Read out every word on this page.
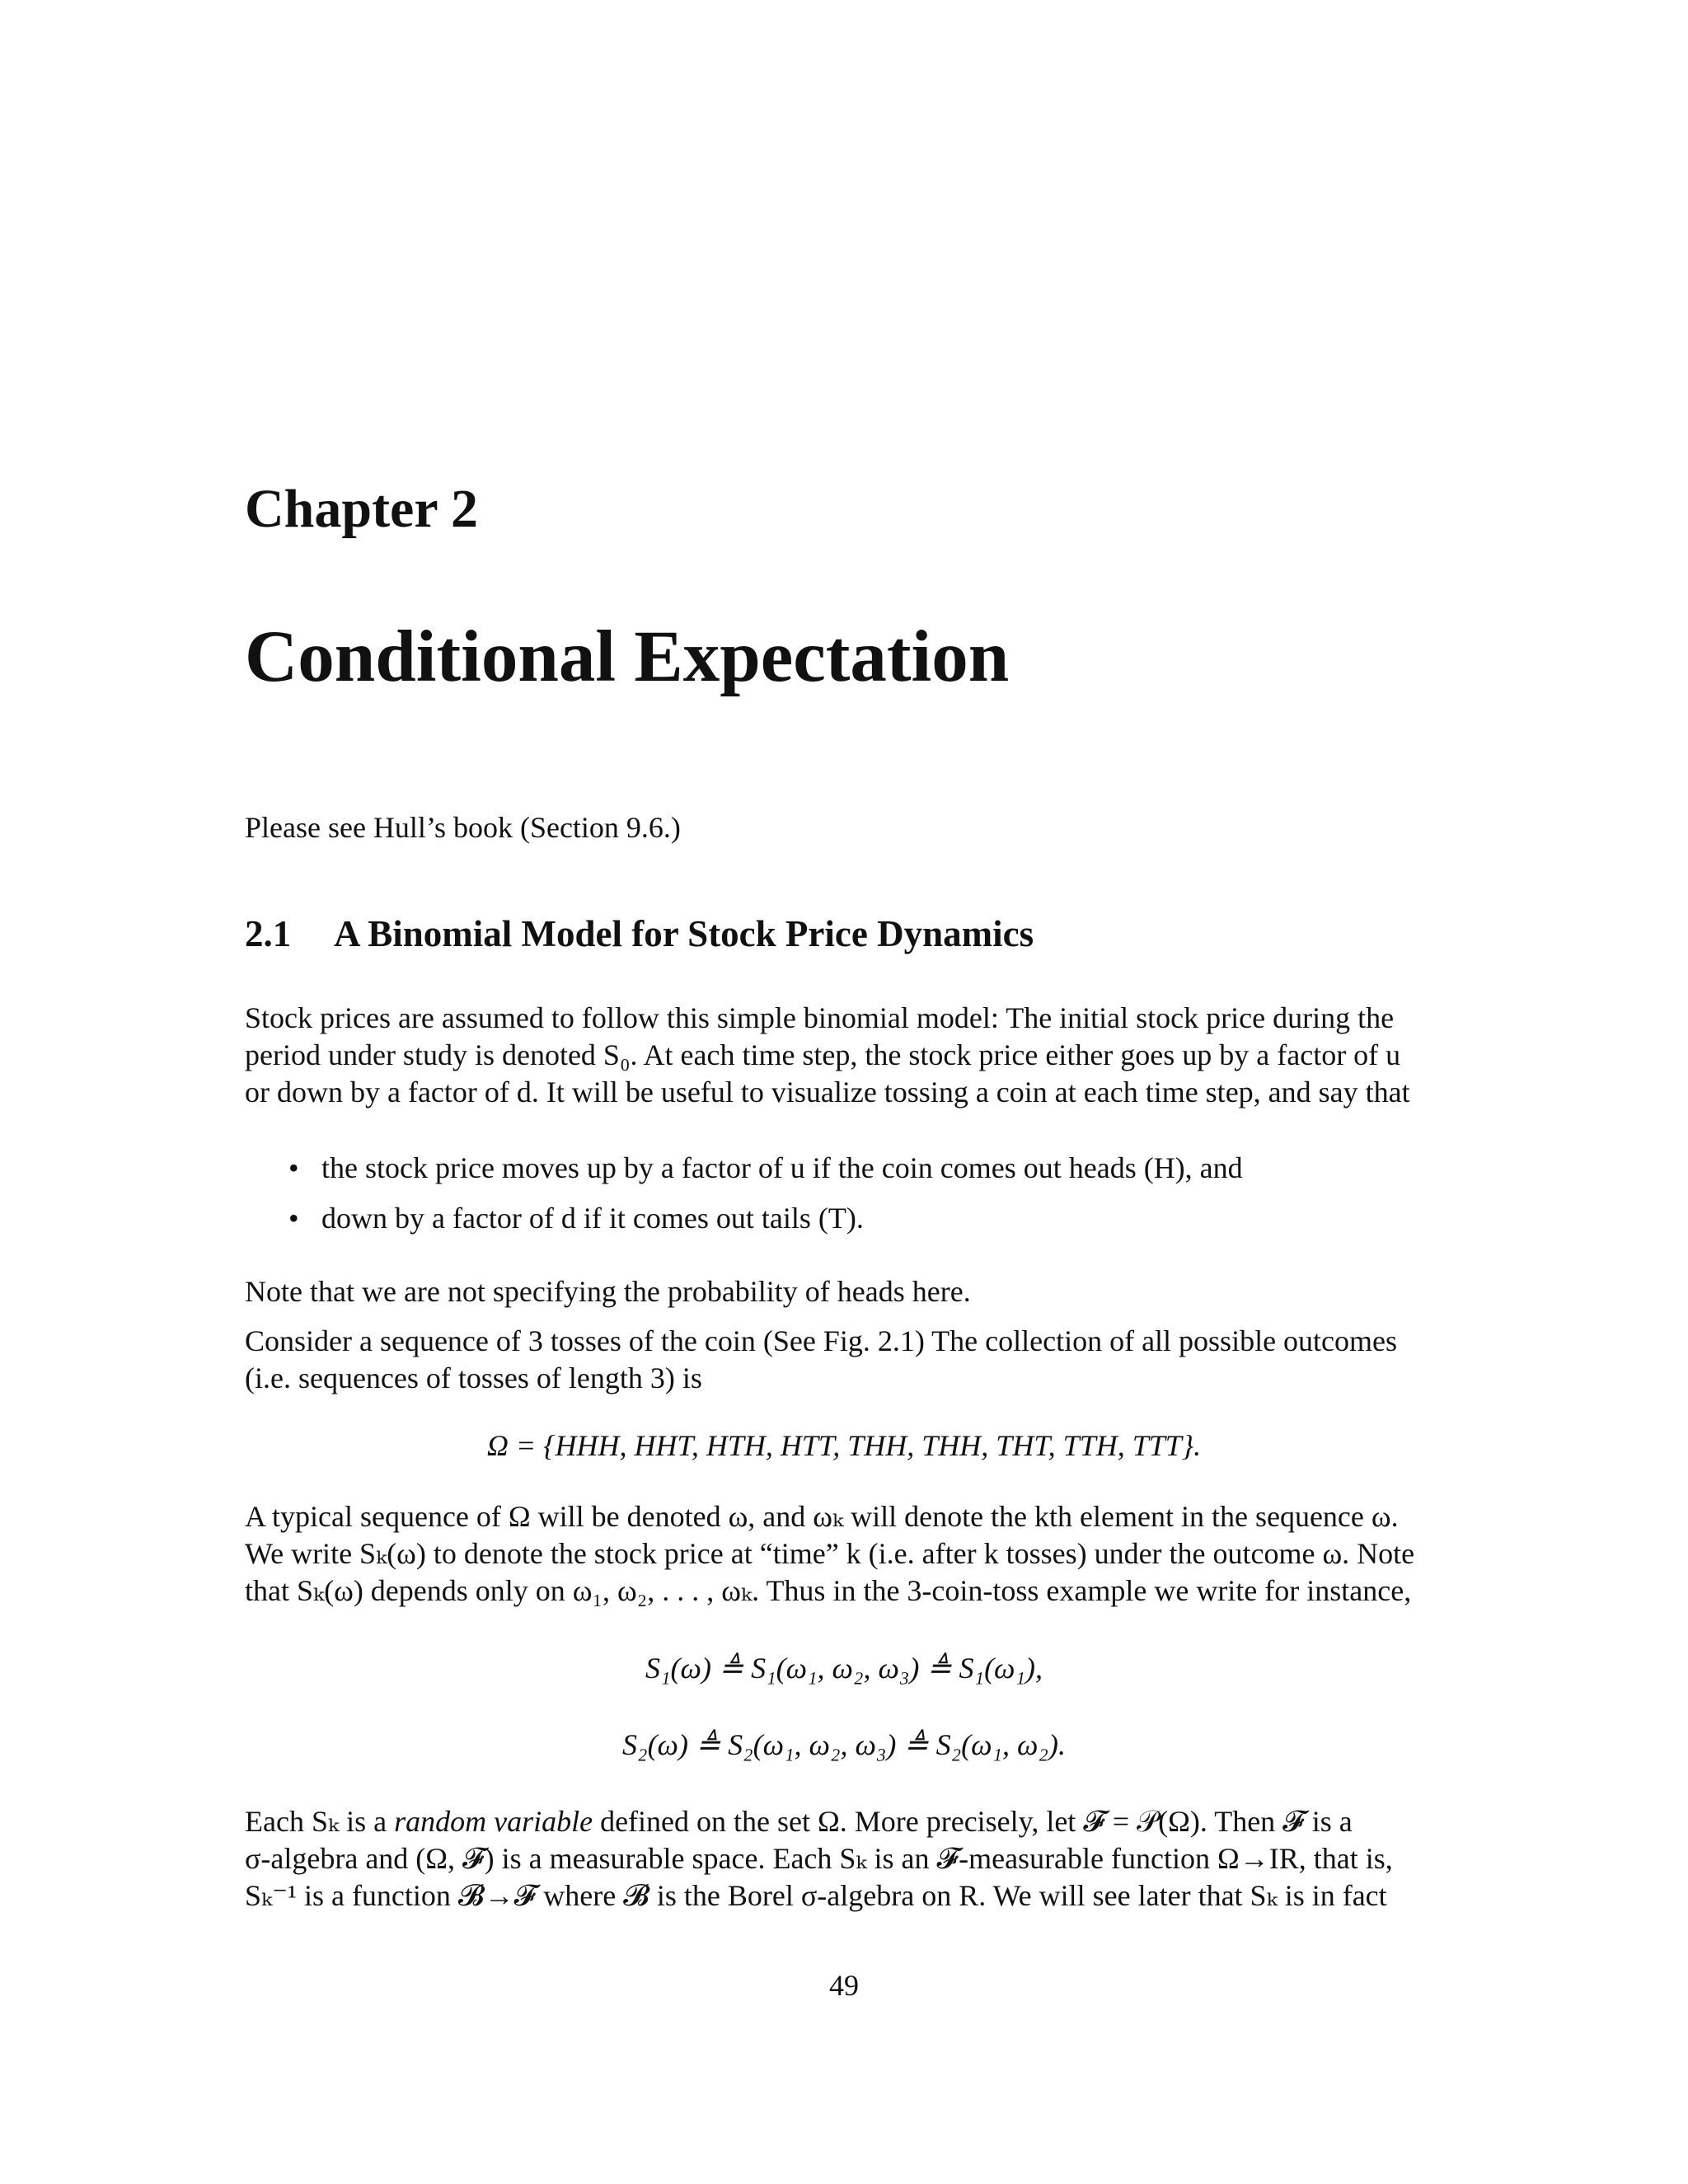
Chapter 2
Conditional Expectation
Please see Hull’s book (Section 9.6.)
2.1 A Binomial Model for Stock Price Dynamics

Stock prices are assumed to follow this simple binomial model: The initial stock price during the

period under study is denoted S₀. At each time step, the stock price either goes up by a factor of u

or down by a factor of d. It will be useful to visualize tossing a coin at each time step, and say that

• the stock price moves up by a factor of u if the coin comes out heads (H), and
• down by a factor of d if it comes out tails (T).
Note that we are not specifying the probability of heads here.

Consider a sequence of 3 tosses of the coin (See Fig. 2.1) The collection of all possible outcomes

(i.e. sequences of tosses of length 3) is

Ω = {HHH, HHT, HTH, HTT, THH, THH, THT, TTH, TTT}.

A typical sequence of Ω will be denoted ω, and ωₖ will denote the kth element in the sequence ω.

We write Sₖ(ω) to denote the stock price at “time” k (i.e. after k tosses) under the outcome ω. Note

that Sₖ(ω) depends only on ω₁, ω₂, . . . , ωₖ. Thus in the 3-coin-toss example we write for instance,

S₁(ω) ≜ S₁(ω₁, ω₂, ω₃) ≜ S₁(ω₁),
S₂(ω) ≜ S₂(ω₁, ω₂, ω₃) ≜ S₂(ω₁, ω₂).

Each Sₖ is a random variable defined on the set Ω. More precisely, let 𝓕 = 𝒫(Ω). Then 𝓕 is a

σ-algebra and (Ω, 𝓕) is a measurable space. Each Sₖ is an 𝓕-measurable function Ω→IR, that is,

Sₖ⁻¹ is a function 𝓑→𝓕 where 𝓑 is the Borel σ-algebra on R. We will see later that Sₖ is in fact

49
